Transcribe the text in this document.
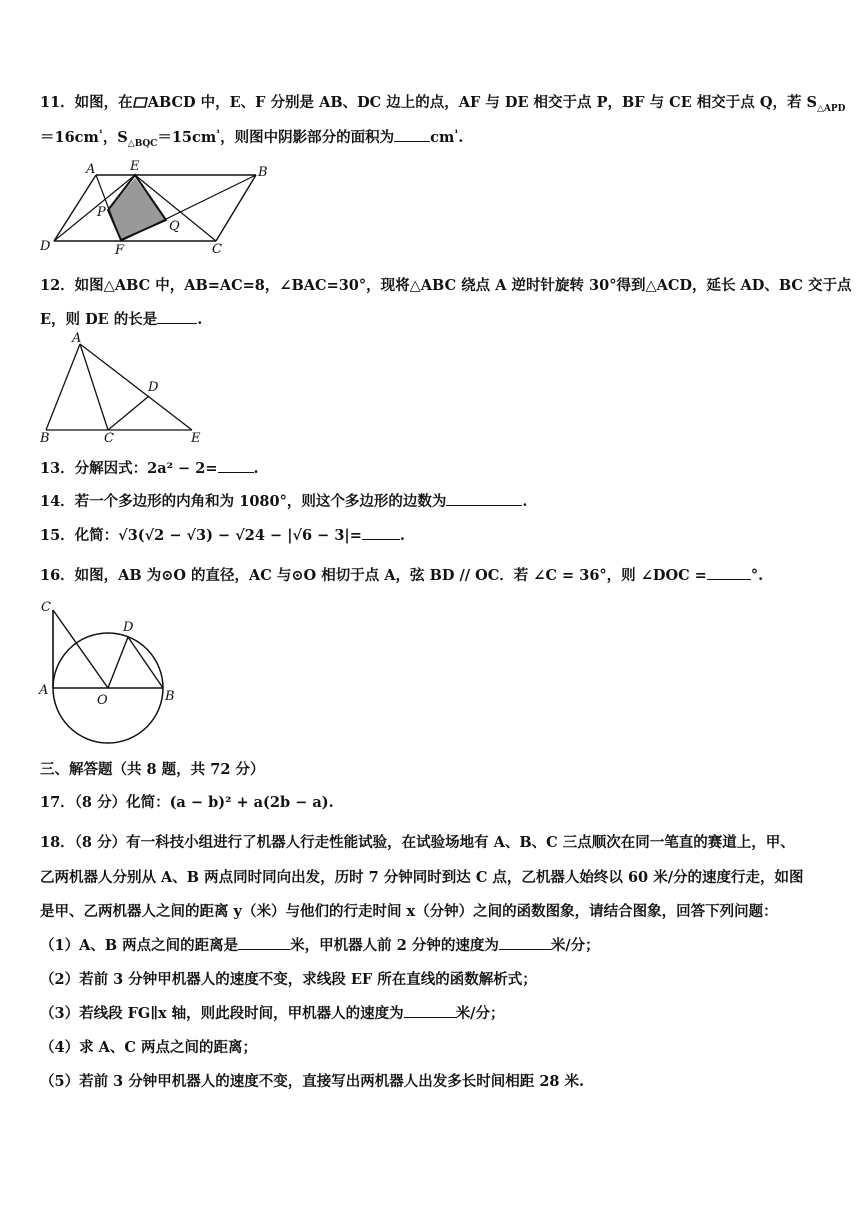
11．如图，在 ABCD 中，E、F 分别是 AB、DC 边上的点，AF 与 DE 相交于点 P，BF 与 CE 相交于点 Q，若 $S_{\triangle APD}$
$=16cm^{^1}$，$S_{\triangle BQC}=15cm^{^1}$，则图中阴影部分的面积为 $cm^{^1}$.
A	E	B
P
Q
D	F	C
12．如图△ABC 中，AB=AC=8，∠BAC=30°，现将△ABC 绕点 A 逆时针旋转 30°得到△ACD，延长 AD、BC 交于点
E，则 DE 的长是	.
A
D
B	C	E
13．分解因式：2a² − 2= .
14．若一个多边形的内角和为 1080°，则这个多边形的边数为	.
15．化简：√3(√2 − √3) − √24 − |√6 − 3|=	.
16．如图，AB 为⊙O 的直径，AC 与⊙O 相切于点 A，弦 BD // OC．若 ∠C = 36°，则 ∠DOC =	°.
C
D
A
O	B
三、解答题（共 8 题，共 72 分）
17．（8 分）化简：(a − b)² + a(2b − a).
18．（8 分）有一科技小组进行了机器人行走性能试验，在试验场地有 A、B、C 三点顺次在同一笔直的赛道上，甲、
乙两机器人分别从 A、B 两点同时同向出发，历时 7 分钟同时到达 C 点，乙机器人始终以 60 米/分的速度行走，如图
是甲、乙两机器人之间的距离 y（米）与他们的行走时间 x（分钟）之间的函数图象，请结合图象，回答下列问题：
（1）A、B 两点之间的距离是	米，甲机器人前 2 分钟的速度为	米/分；
（2）若前 3 分钟甲机器人的速度不变，求线段 EF 所在直线的函数解析式；
（3）若线段 FG∥x 轴，则此段时间，甲机器人的速度为	米/分；
（4）求 A、C 两点之间的距离；
（5）若前 3 分钟甲机器人的速度不变，直接写出两机器人出发多长时间相距 28 米.
